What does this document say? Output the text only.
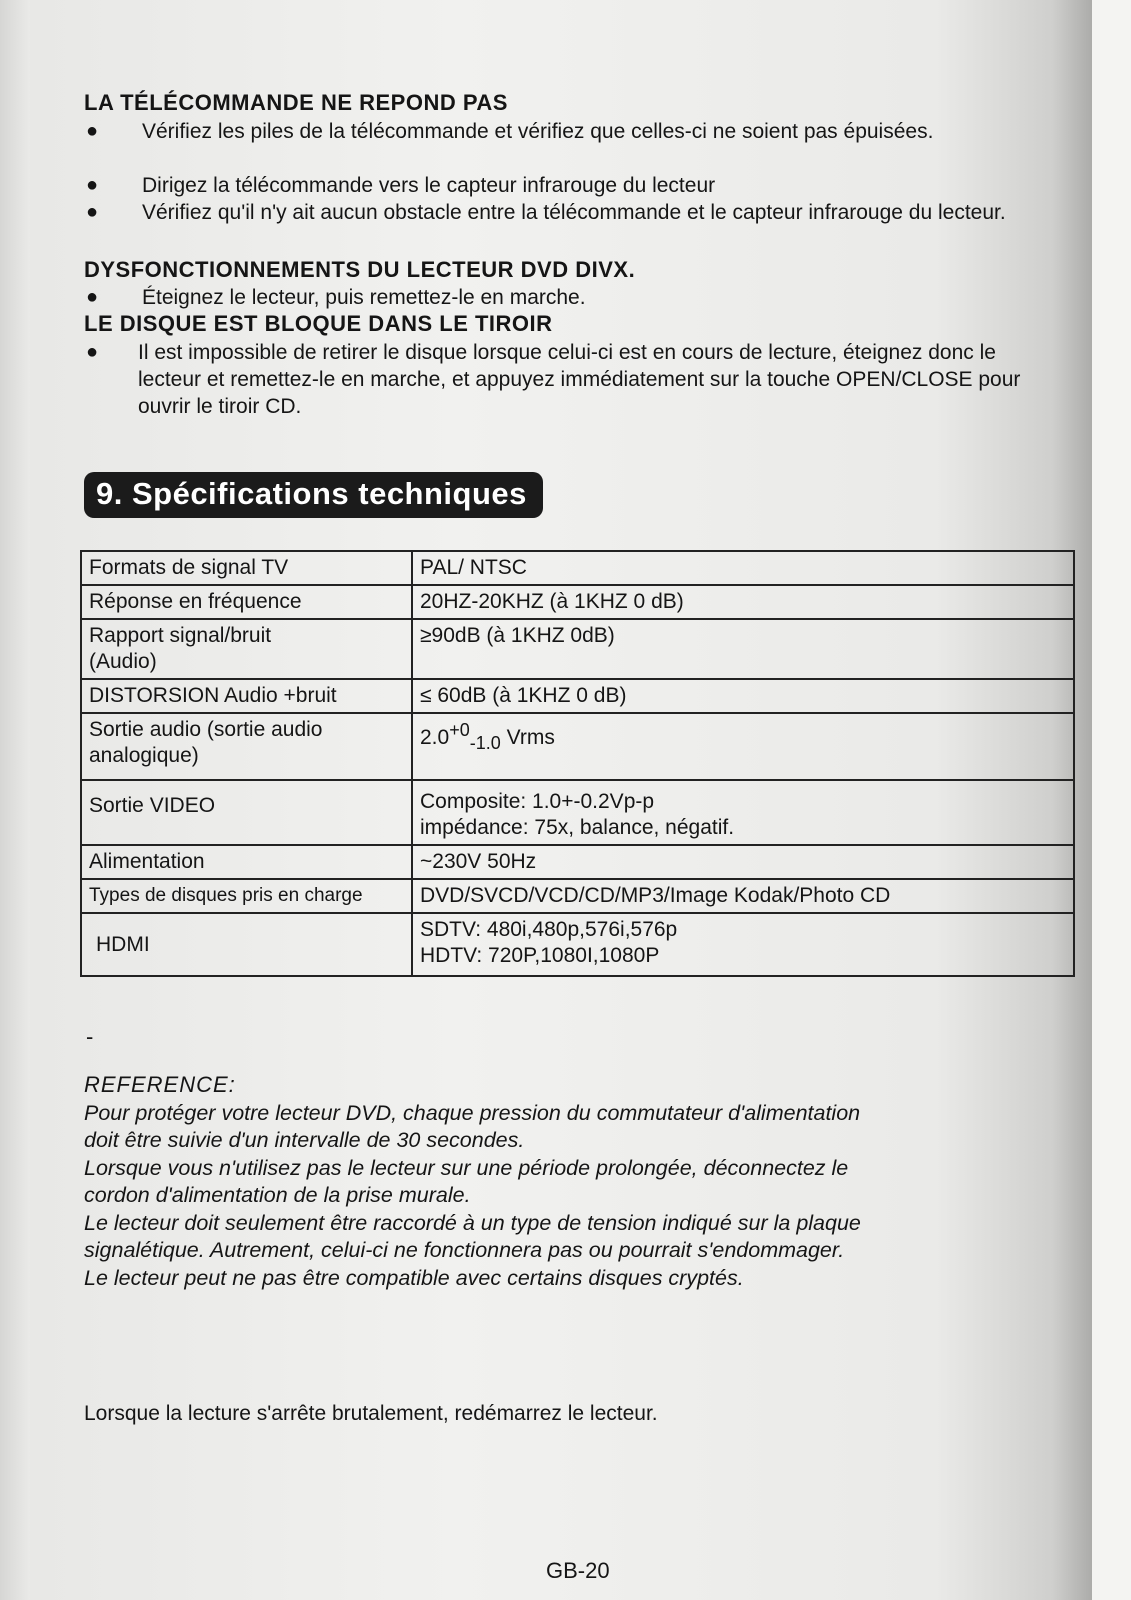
LA TÉLÉCOMMANDE NE REPOND PAS
● Vérifiez les piles de la télécommande et vérifiez que celles-ci ne soient pas épuisées.
● Dirigez la télécommande vers le capteur infrarouge du lecteur
● Vérifiez qu'il n'y ait aucun obstacle entre la télécommande et le capteur infrarouge du lecteur.
DYSFONCTIONNEMENTS DU LECTEUR DVD DIVX.
● Éteignez le lecteur, puis remettez-le en marche.
LE DISQUE EST BLOQUE DANS LE TIROIR
● Il est impossible de retirer le disque lorsque celui-ci est en cours de lecture, éteignez donc le lecteur et remettez-le en marche, et appuyez immédiatement sur la touche OPEN/CLOSE pour ouvrir le tiroir CD.
9. Spécifications techniques
Formats de signal TV	PAL/ NTSC
Réponse en fréquence	20HZ-20KHZ (à 1KHZ 0 dB)

Rapport signal/bruit
(Audio)	≥90dB (à 1KHZ 0dB)
DISTORSION Audio +bruit	≤ 60dB (à 1KHZ 0 dB)
Sortie audio (sortie audio analogique)	$2.0^{+0}_{-1.0}$ Vrms
Sortie VIDEO	Composite: 1.0+-0.2Vp-p
impédance: 75x, balance, négatif.

Alimentation	~230V 50Hz
Types de disques pris en charge	DVD/SVCD/VCD/CD/MP3/Image Kodak/Photo CD
HDMI	SDTV: 480i,480p,576i,576p
HDTV: 720P,1080I,1080P
-
REFERENCE:
Pour protéger votre lecteur DVD, chaque pression du commutateur d'alimentation
doit être suivie d'un intervalle de 30 secondes.
Lorsque vous n'utilisez pas le lecteur sur une période prolongée, déconnectez le
cordon d'alimentation de la prise murale.
Le lecteur doit seulement être raccordé à un type de tension indiqué sur la plaque
signalétique. Autrement, celui-ci ne fonctionnera pas ou pourrait s'endommager.
Le lecteur peut ne pas être compatible avec certains disques cryptés.
Lorsque la lecture s'arrête brutalement, redémarrez le lecteur.
GB-20
